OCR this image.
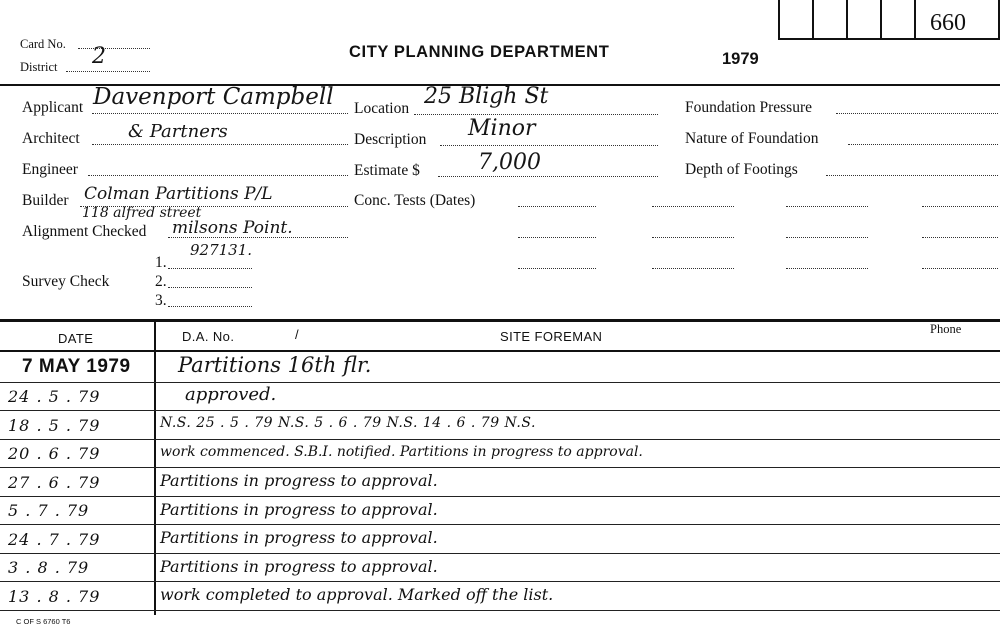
660
Card No.
District 2	CITY PLANNING DEPARTMENT	1979
Applicant Davenport Campbell
Architect	& Partners
Engineer
Builder Colman Partitions P/L
118 alfred street
Alignment Checked milsons Point.
927131.
1.
Survey Check	2.
3.
Location 25 Bligh St
Description Minor
Estimate $	7,000
Conc. Tests (Dates)
Foundation Pressure
Nature of Foundation
Depth of Footings
DATE	D.A. No.	/	SITE FOREMAN	Phone
7 MAY 1979 Partitions 16th flr.
24 . 5 . 79	approved.
18 . 5 . 79	N.S. 25 . 5 . 79 N.S. 5 . 6 . 79 N.S. 14 . 6 . 79 N.S.
20 . 6 . 79	work commenced. S.B.I. notified. Partitions in progress to approval.
27 . 6 . 79	Partitions in progress to approval.
5 . 7 . 79	Partitions in progress to approval.
24 . 7 . 79	Partitions in progress to approval.
3 . 8 . 79	Partitions in progress to approval.
13 . 8 . 79	work completed to approval. Marked off the list.
C OF S 6760 T6
